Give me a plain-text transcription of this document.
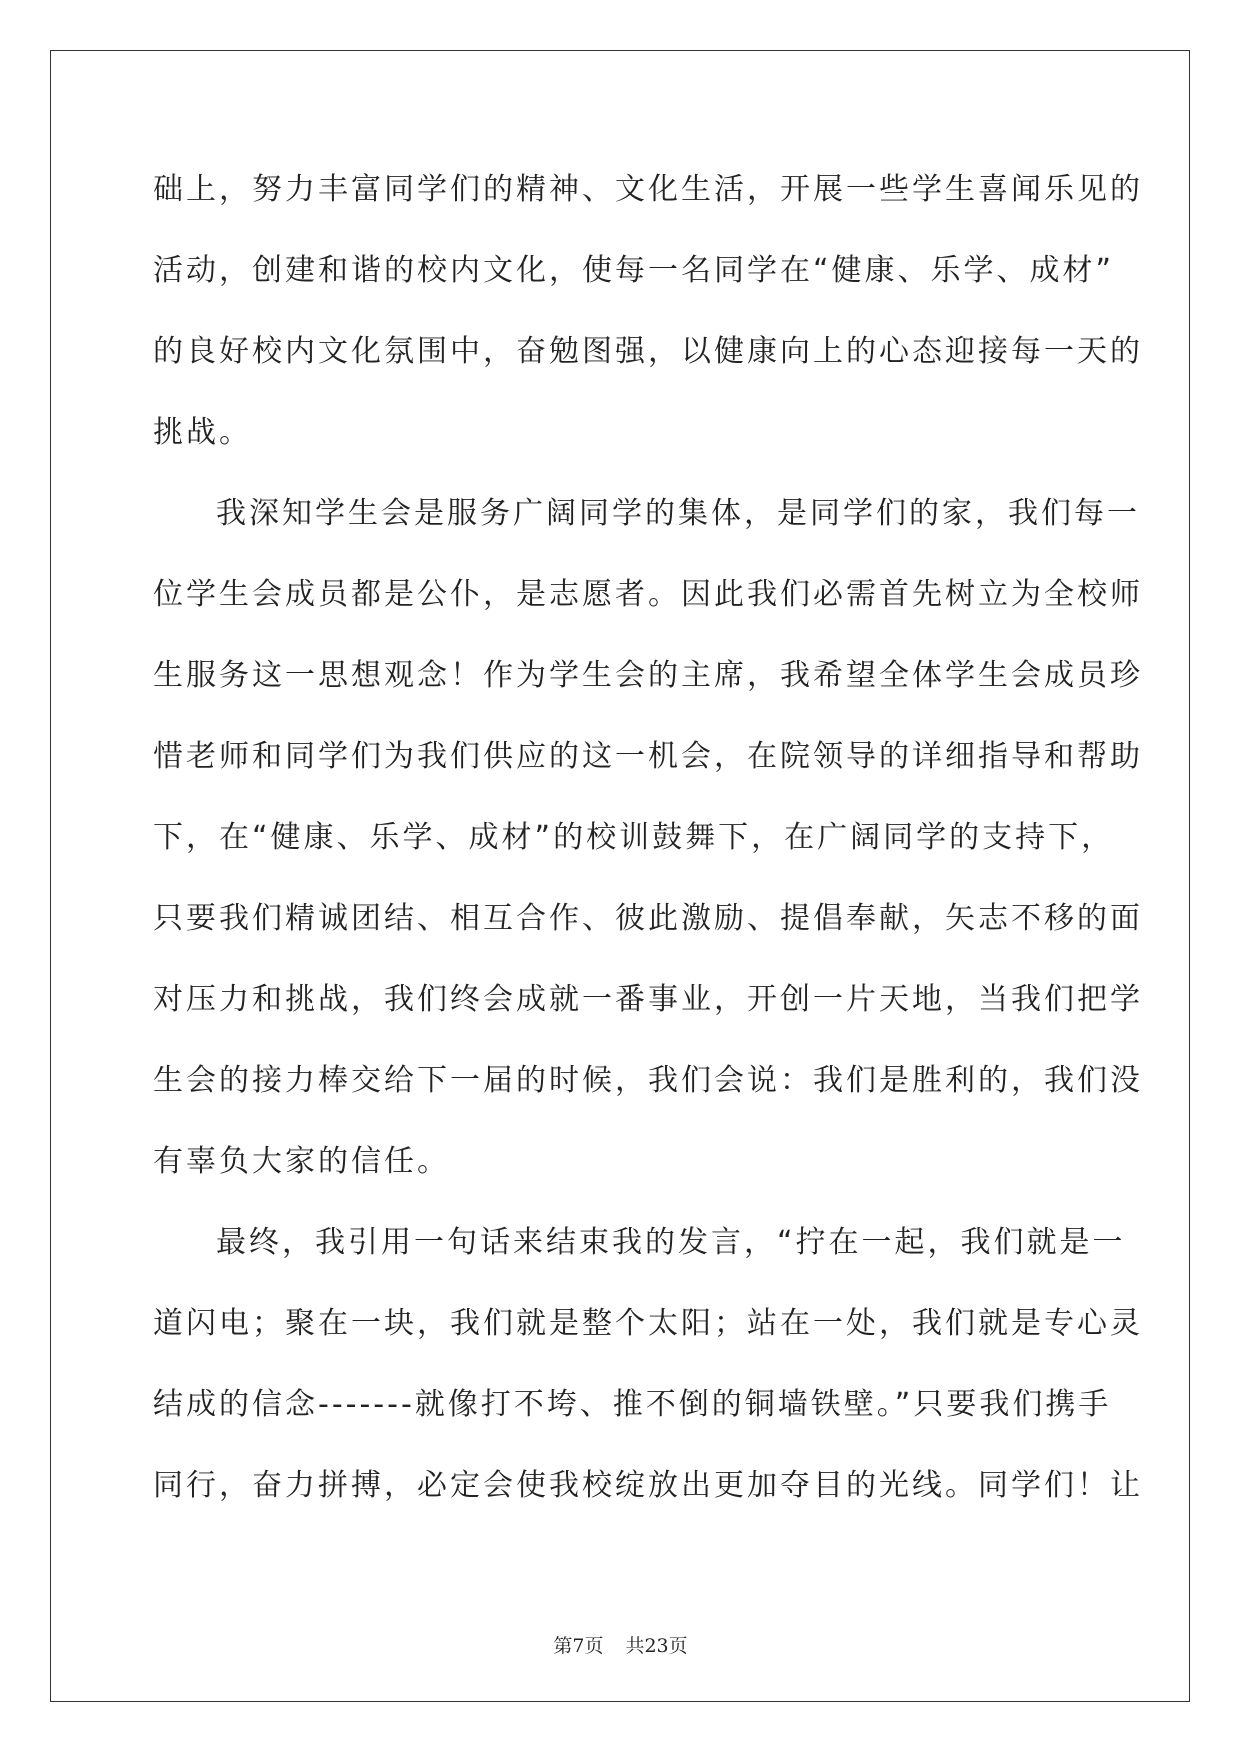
础上，努力丰富同学们的精神、文化生活，开展一些学生喜闻乐见的
活动，创建和谐的校内文化，使每一名同学在“健康、乐学、成材”
的良好校内文化氛围中，奋勉图强，以健康向上的心态迎接每一天的
挑战。
我深知学生会是服务广阔同学的集体，是同学们的家，我们每一
位学生会成员都是公仆，是志愿者。因此我们必需首先树立为全校师
生服务这一思想观念！作为学生会的主席，我希望全体学生会成员珍
惜老师和同学们为我们供应的这一机会，在院领导的详细指导和帮助
下，在“健康、乐学、成材”的校训鼓舞下，在广阔同学的支持下，
只要我们精诚团结、相互合作、彼此激励、提倡奉献，矢志不移的面
对压力和挑战，我们终会成就一番事业，开创一片天地，当我们把学
生会的接力棒交给下一届的时候，我们会说：我们是胜利的，我们没
有辜负大家的信任。
最终，我引用一句话来结束我的发言，“拧在一起，我们就是一
道闪电；聚在一块，我们就是整个太阳；站在一处，我们就是专心灵
结成的信念-------就像打不垮、推不倒的铜墙铁壁。”只要我们携手
同行，奋力拼搏，必定会使我校绽放出更加夺目的光线。同学们！让
第7页 共23页
